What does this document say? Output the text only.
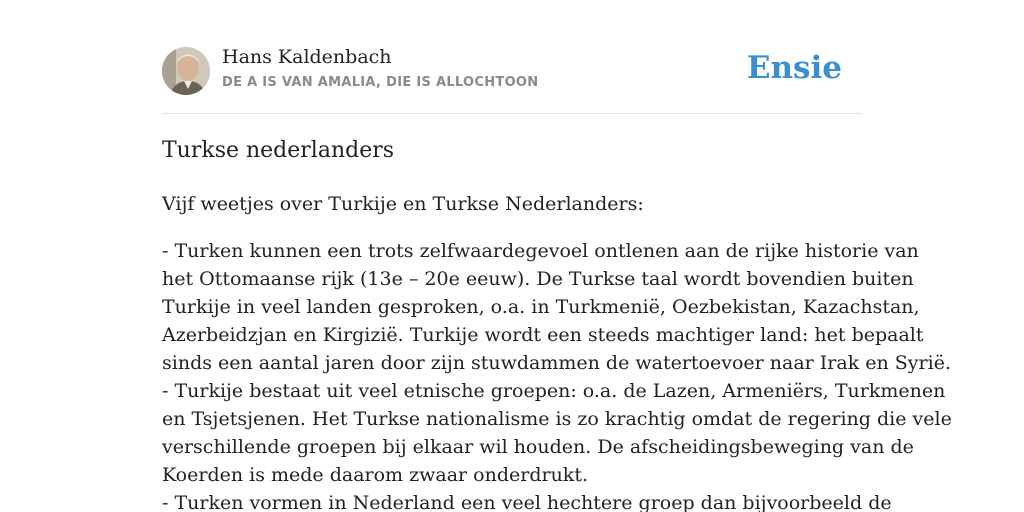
Hans Kaldenbach
DE A IS VAN AMALIA, DIE IS ALLOCHTOON	Ensie
Turkse nederlanders

Vijf weetjes over Turkije en Turkse Nederlanders:

- Turken kunnen een trots zelfwaardegevoel ontlenen aan de rijke historie van
het Ottomaanse rijk (13e – 20e eeuw). De Turkse taal wordt bovendien buiten
Turkije in veel landen gesproken, o.a. in Turkmenië, Oezbekistan, Kazachstan,
Azerbeidzjan en Kirgizië. Turkije wordt een steeds machtiger land: het bepaalt
sinds een aantal jaren door zijn stuwdammen de watertoevoer naar Irak en Syrië.
- Turkije bestaat uit veel etnische groepen: o.a. de Lazen, Armeniërs, Turkmenen
en Tsjetsjenen. Het Turkse nationalisme is zo krachtig omdat de regering die vele
verschillende groepen bij elkaar wil houden. De afscheidingsbeweging van de
Koerden is mede daarom zwaar onderdrukt.
- Turken vormen in Nederland een veel hechtere groep dan bijvoorbeeld de
